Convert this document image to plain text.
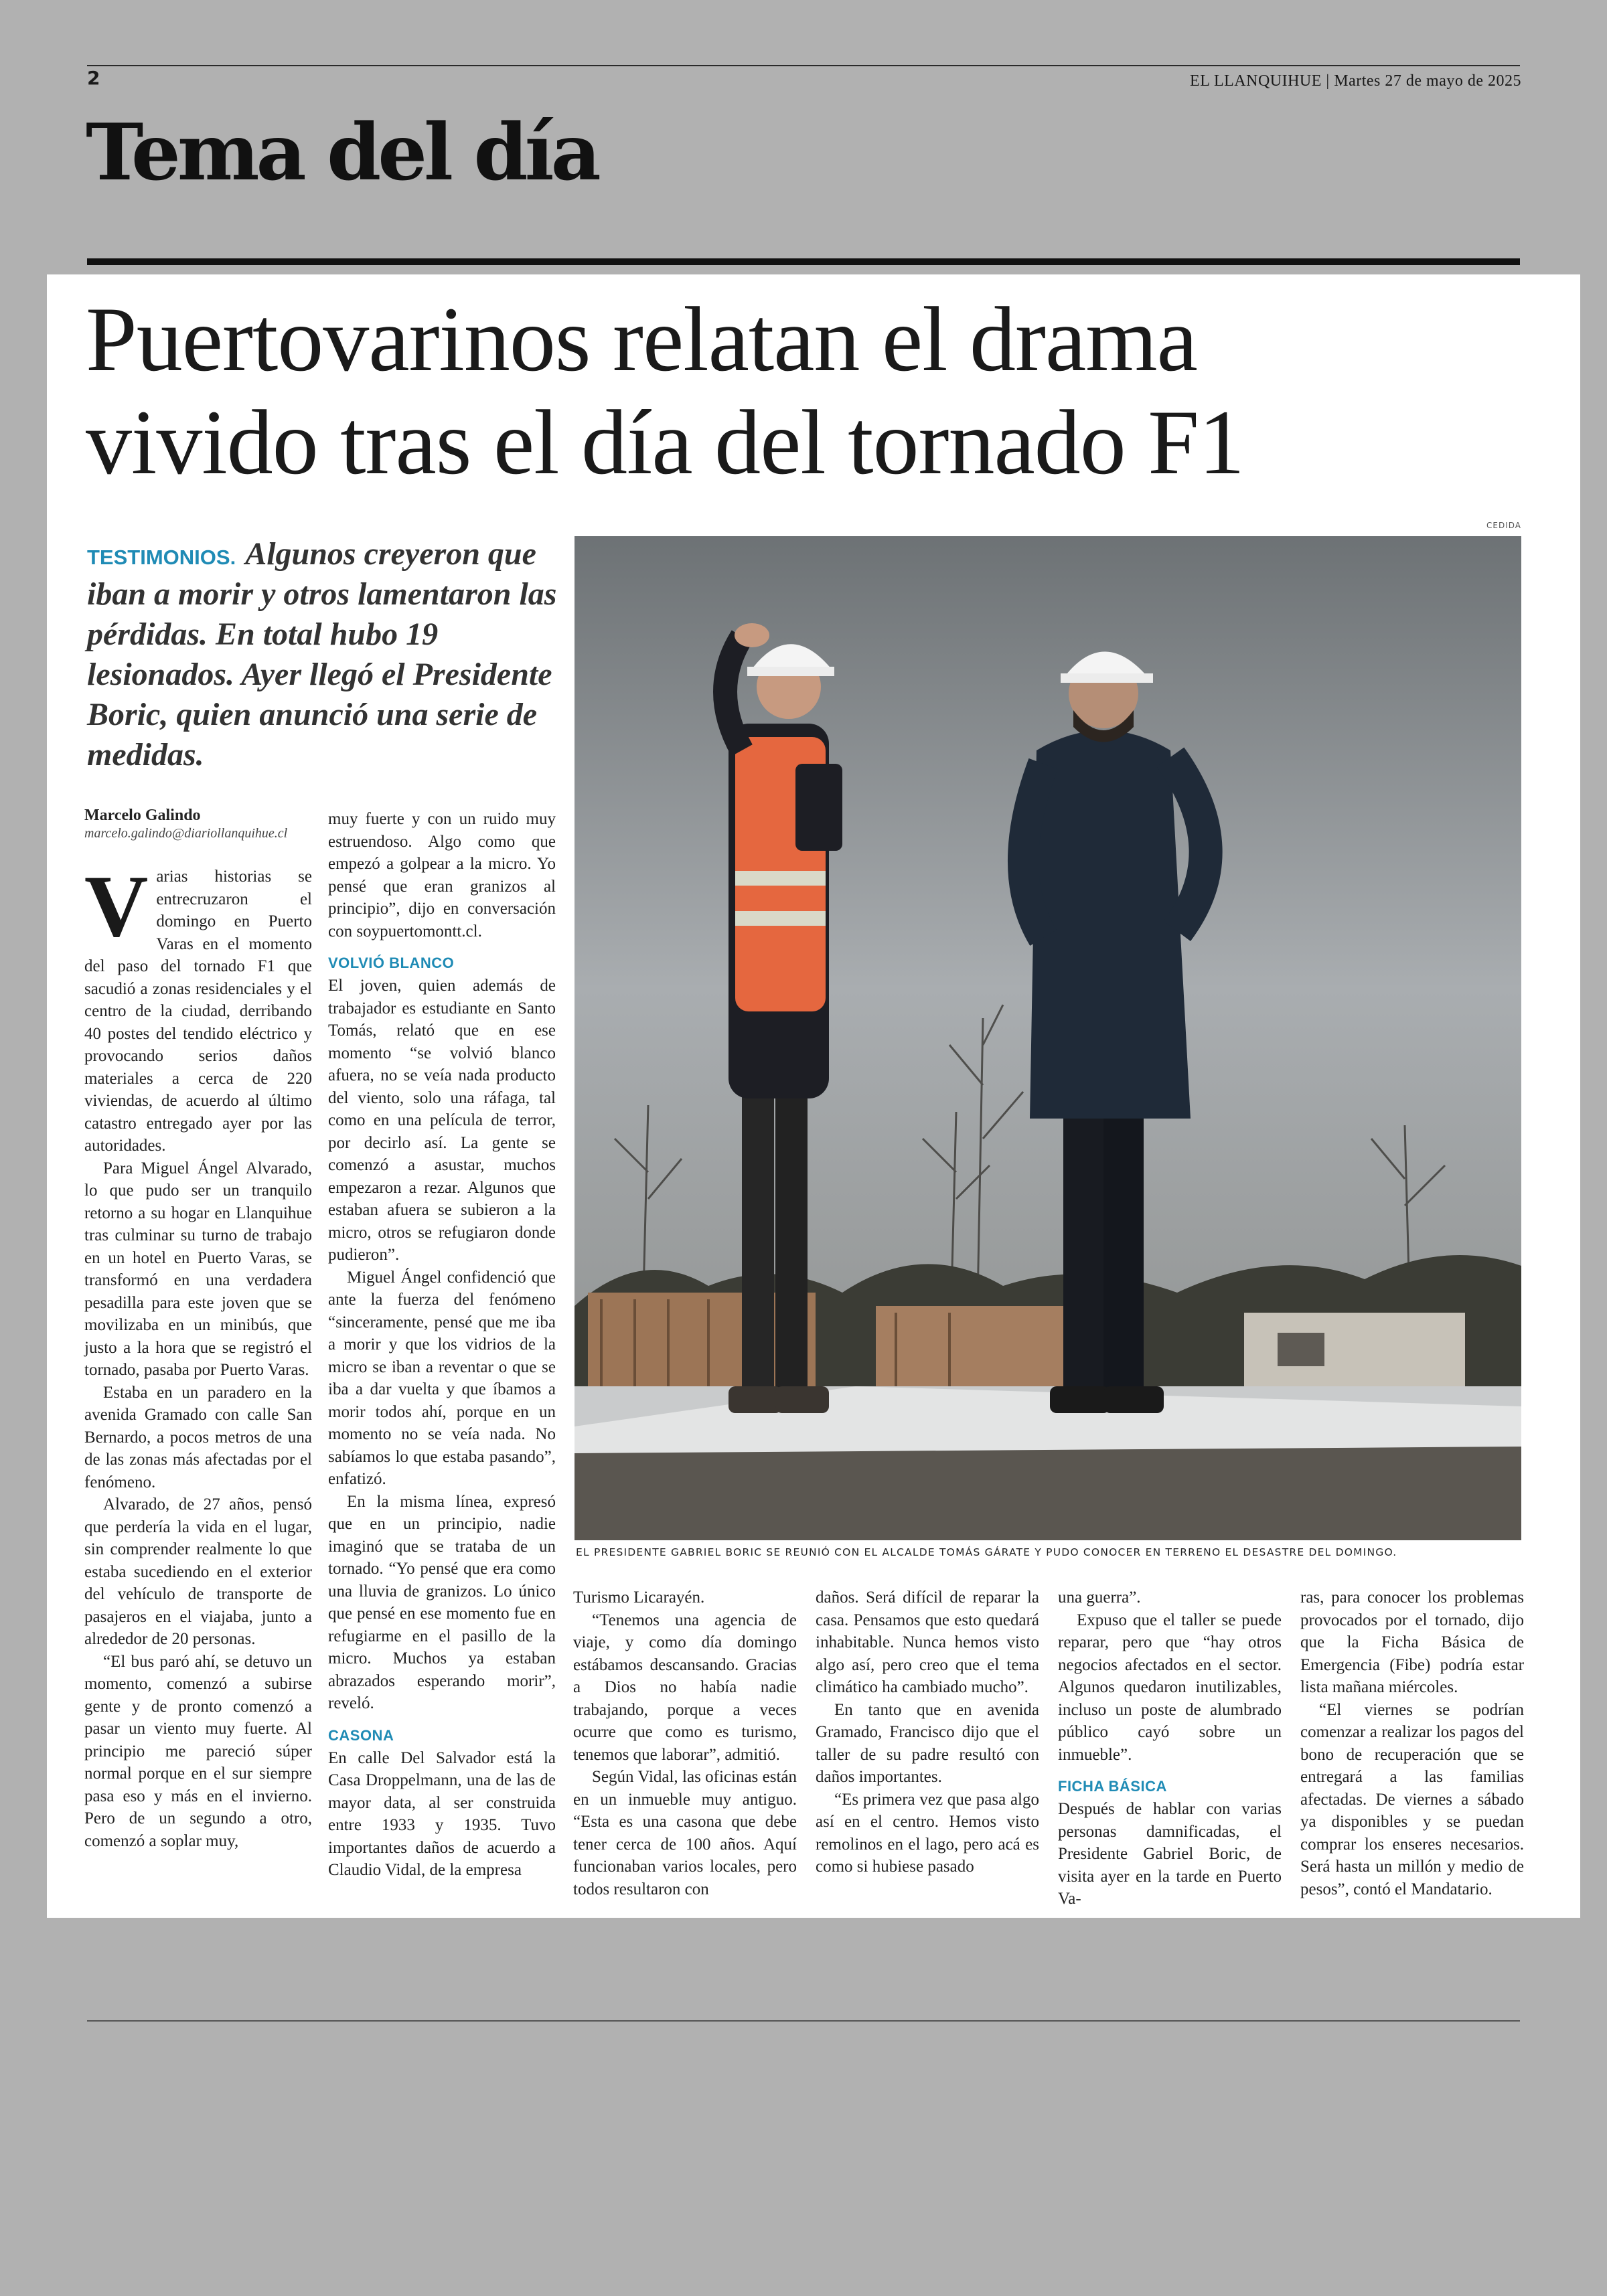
2	EL LLANQUIHUE | Martes 27 de mayo de 2025
Tema del día
Puertovarinos relatan el drama
vivido tras el día del tornado F1
CEDIDA
TESTIMONIOS. Algunos creyeron que iban a morir y otros lamentaron las pérdidas. En total hubo 19 lesionados. Ayer llegó el Presidente Boric, quien anunció una serie de medidas.
EL PRESIDENTE GABRIEL BORIC SE REUNIÓ CON EL ALCALDE TOMÁS GÁRATE Y PUDO CONOCER EN TERRENO EL DESASTRE DEL DOMINGO.
Marcelo Galindo
marcelo.galindo@diariollanquihue.cl

Varias historias se entrecruzaron el domingo en Puerto Varas en el momento del paso del tornado F1 que sacudió a zonas residenciales y el centro de la ciudad, derribando 40 postes del tendido eléctrico y provocando serios daños materiales a cerca de 220 viviendas, de acuerdo al último catastro entregado ayer por las autoridades.

Para Miguel Ángel Alvarado, lo que pudo ser un tranquilo retorno a su hogar en Llanquihue tras culminar su turno de trabajo en un hotel en Puerto Varas, se transformó en una verdadera pesadilla para este joven que se movilizaba en un minibús, que justo a la hora que se registró el tornado, pasaba por Puerto Varas.

Estaba en un paradero en la avenida Gramado con calle San Bernardo, a pocos metros de una de las zonas más afectadas por el fenómeno.

Alvarado, de 27 años, pensó que perdería la vida en el lugar, sin comprender realmente lo que estaba sucediendo en el exterior del vehículo de transporte de pasajeros en el viajaba, junto a alrededor de 20 personas.

“El bus paró ahí, se detuvo un momento, comenzó a subirse gente y de pronto comenzó a pasar un viento muy fuerte. Al principio me pareció súper normal porque en el sur siempre pasa eso y más en el invierno. Pero de un segundo a otro, comenzó a soplar muy,

muy fuerte y con un ruido muy estruendoso. Algo como que empezó a golpear a la micro. Yo pensé que eran granizos al principio”, dijo en conversación con soypuertomontt.cl.

VOLVIÓ BLANCO

El joven, quien además de trabajador es estudiante en Santo Tomás, relató que en ese momento “se volvió blanco afuera, no se veía nada producto del viento, solo una ráfaga, tal como en una película de terror, por decirlo así. La gente se comenzó a asustar, muchos empezaron a rezar. Algunos que estaban afuera se subieron a la micro, otros se refugiaron donde pudieron”.

Miguel Ángel confidenció que ante la fuerza del fenómeno “sinceramente, pensé que me iba a morir y que los vidrios de la micro se iban a reventar o que se iba a dar vuelta y que íbamos a morir todos ahí, porque en un momento no se veía nada. No sabíamos lo que estaba pasando”, enfatizó.

En la misma línea, expresó que en un principio, nadie imaginó que se trataba de un tornado. “Yo pensé que era como una lluvia de granizos. Lo único que pensé en ese momento fue en refugiarme en el pasillo de la micro. Muchos ya estaban abrazados esperando morir”, reveló.

CASONA

En calle Del Salvador está la Casa Droppelmann, una de las de mayor data, al ser construida entre 1933 y 1935. Tuvo importantes daños de acuerdo a Claudio Vidal, de la empresa

Turismo Licarayén.

“Tenemos una agencia de viaje, y como día domingo estábamos descansando. Gracias a Dios no había nadie trabajando, porque a veces ocurre que como es turismo, tenemos que laborar”, admitió.

Según Vidal, las oficinas están en un inmueble muy antiguo. “Esta es una casona que debe tener cerca de 100 años. Aquí funcionaban varios locales, pero todos resultaron con

daños. Será difícil de reparar la casa. Pensamos que esto quedará inhabitable. Nunca hemos visto algo así, pero creo que el tema climático ha cambiado mucho”.

En tanto que en avenida Gramado, Francisco dijo que el taller de su padre resultó con daños importantes.

“Es primera vez que pasa algo así en el centro. Hemos visto remolinos en el lago, pero acá es como si hubiese pasado

una guerra”.

Expuso que el taller se puede reparar, pero que “hay otros negocios afectados en el sector. Algunos quedaron inutilizables, incluso un poste de alumbrado público cayó sobre un inmueble”.

FICHA BÁSICA

Después de hablar con varias personas damnificadas, el Presidente Gabriel Boric, de visita ayer en la tarde en Puerto Va-

ras, para conocer los problemas provocados por el tornado, dijo que la Ficha Básica de Emergencia (Fibe) podría estar lista mañana miércoles.

“El viernes se podrían comenzar a realizar los pagos del bono de recuperación que se entregará a las familias afectadas. De viernes a sábado ya disponibles y se puedan comprar los enseres necesarios. Será hasta un millón y medio de pesos”, contó el Mandatario.
